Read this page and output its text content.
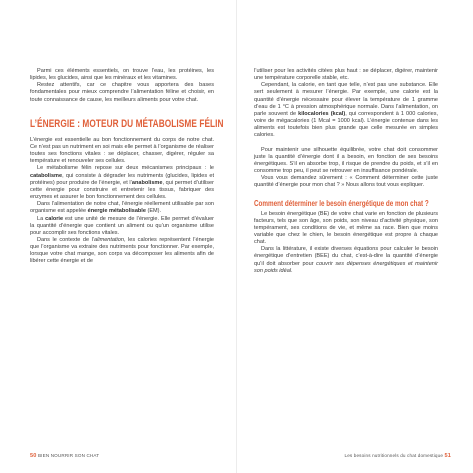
Parmi ces éléments essentiels, on trouve l’eau, les protéines, les lipides, les glucides, ainsi que les minéraux et les vitamines.

Restez attentifs, car ce chapitre vous apportera des bases fondamentales pour mieux comprendre l’alimentation féline et choisir, en toute connaissance de cause, les meilleurs aliments pour votre chat.

L’ÉNERGIE : MOTEUR DU MÉTABOLISME FÉLIN

L’énergie est essentielle au bon fonctionnement du corps de notre chat. Ce n’est pas un nutriment en soi mais elle permet à l’organisme de réaliser toutes ses fonctions vitales : se déplacer, chasser, digérer, réguler sa température et renouveler ses cellules.

Le métabolisme félin repose sur deux mécanismes principaux : le catabolisme, qui consiste à dégrader les nutriments (glucides, lipides et protéines) pour produire de l’énergie, et l’anabolisme, qui permet d’utiliser cette énergie pour construire et entretenir les tissus, fabriquer des enzymes et assurer le bon fonctionnement des cellules.

Dans l’alimentation de notre chat, l’énergie réellement utilisable par son organisme est appelée énergie métabolisable (EM).

La calorie est une unité de mesure de l’énergie. Elle permet d’évaluer la quantité d’énergie que contient un aliment ou qu’un organisme utilise pour accomplir ses fonctions vitales.

Dans le contexte de l’alimentation, les calories représentent l’énergie que l’organisme va extraire des nutriments pour fonctionner. Par exemple, lorsque votre chat mange, son corps va décomposer les aliments afin de libérer cette énergie et de

50 BIEN NOURRIR SON CHAT

l’utiliser pour les activités citées plus haut : se déplacer, digérer, maintenir une température corporelle stable, etc.

Cependant, la calorie, en tant que telle, n’est pas une substance. Elle sert seulement à mesurer l’énergie. Par exemple, une calorie est la quantité d’énergie nécessaire pour élever la température de 1 gramme d’eau de 1 °C à pression atmosphérique normale. Dans l’alimentation, on parle souvent de kilocalories (kcal), qui correspondent à 1 000 calories, voire de mégacalories (1 Mcal = 1000 kcal). L’énergie contenue dans les aliments est toutefois bien plus grande que celle mesurée en simples calories.

Pour maintenir une silhouette équilibrée, votre chat doit consommer juste la quantité d’énergie dont il a besoin, en fonction de ses besoins énergétiques. S’il en absorbe trop, il risque de prendre du poids, et s’il en consomme trop peu, il peut se retrouver en insuffisance pondérale.

Vous vous demandez sûrement : « Comment déterminer cette juste quantité d’énergie pour mon chat ? » Nous allons tout vous expliquer.

Comment déterminer le besoin énergétique de mon chat ?

Le besoin énergétique (BE) de votre chat varie en fonction de plusieurs facteurs, tels que son âge, son poids, son niveau d’activité physique, son tempérament, ses conditions de vie, et même sa race. Bien que moins variable que chez le chien, le besoin énergétique est propre à chaque chat.

Dans la littérature, il existe diverses équations pour calculer le besoin énergétique d’entretien (BEE) du chat, c’est-à-dire la quantité d’énergie qu’il doit absorber pour couvrir ses dépenses énergétiques et maintenir son poids idéal.

Les besoins nutritionnels du chat domestique 51
